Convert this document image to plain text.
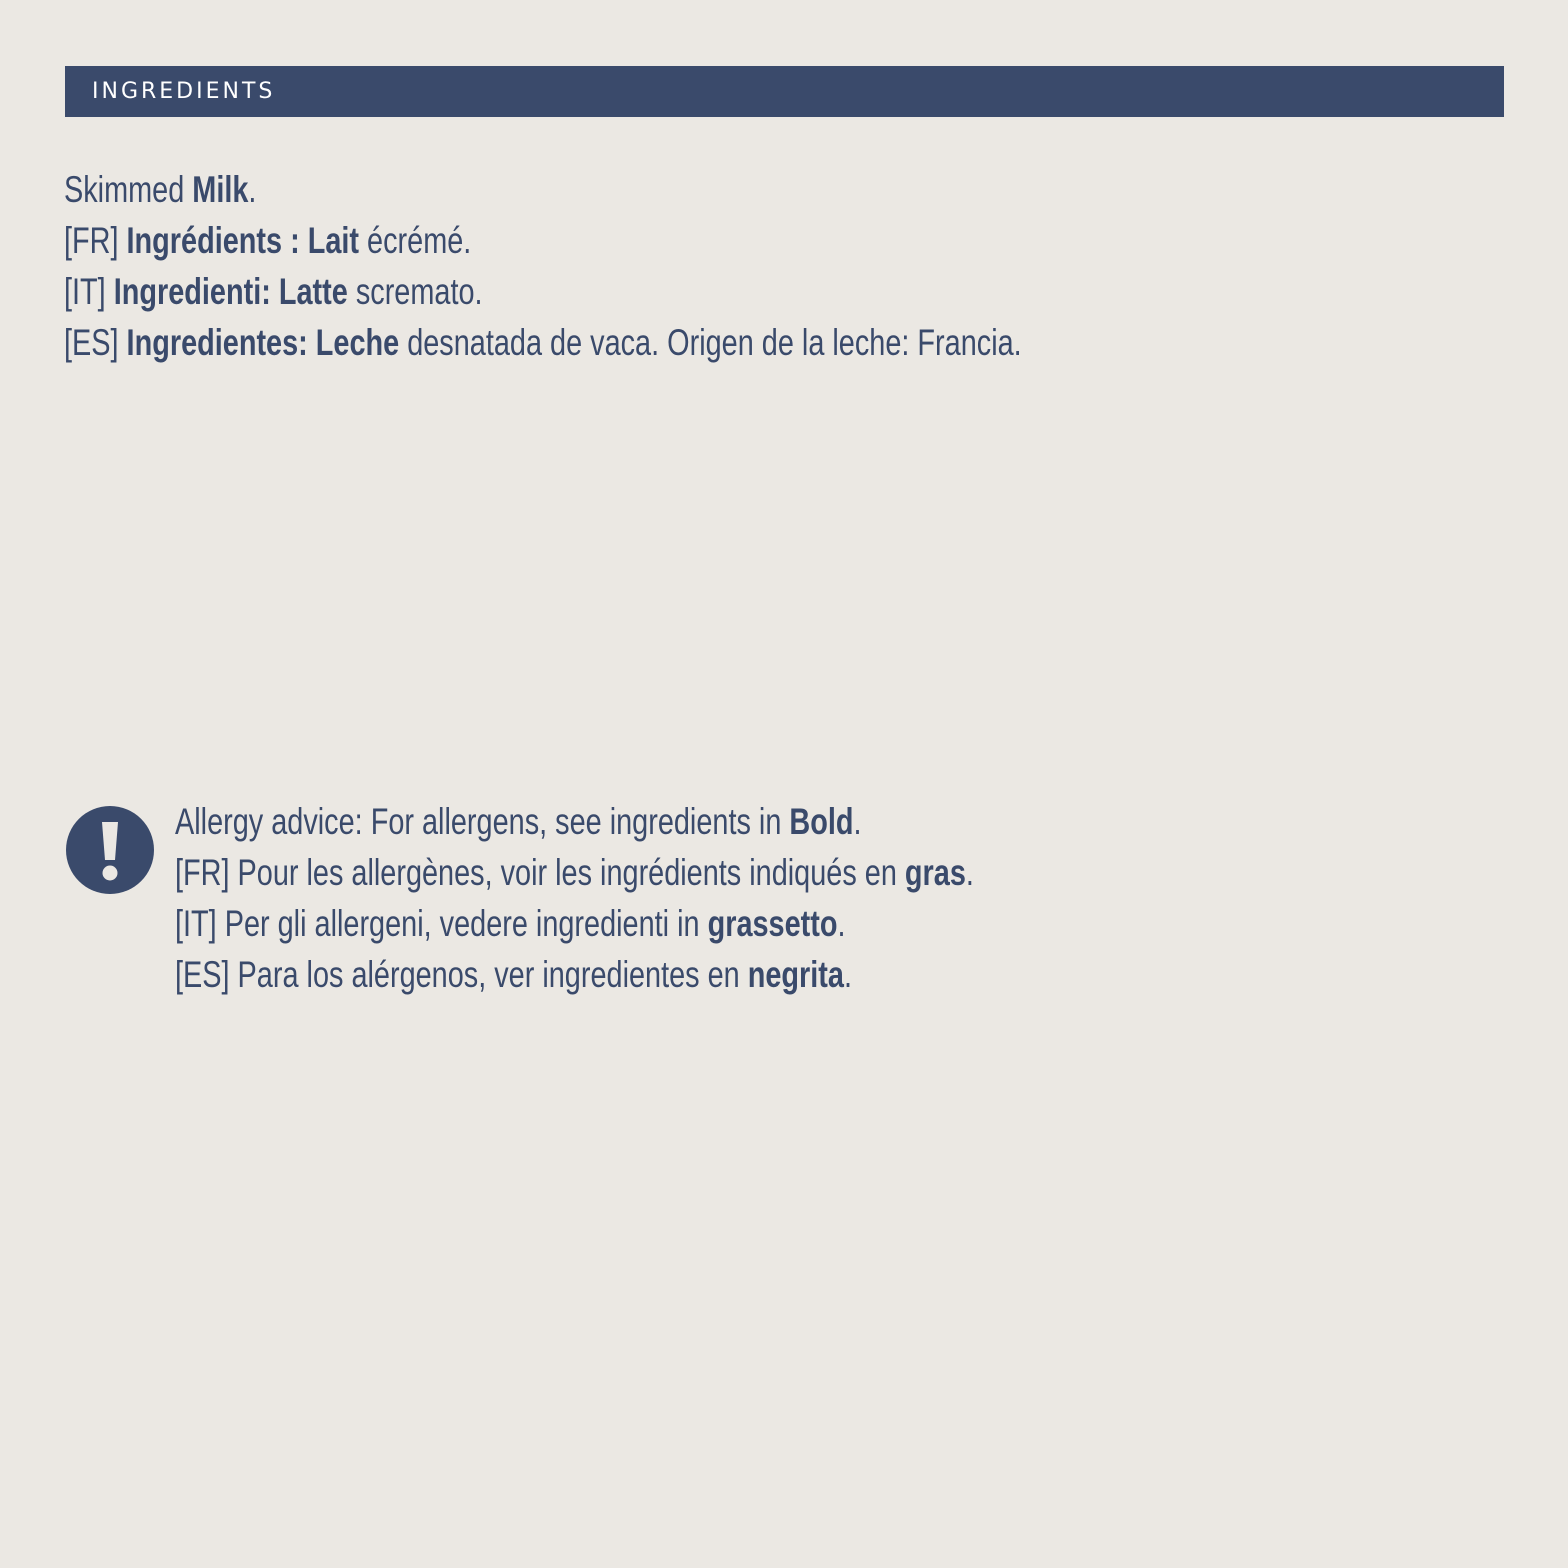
INGREDIENTS
Skimmed Milk.
[FR] Ingrédients : Lait écrémé.
[IT] Ingredienti: Latte scremato.
[ES] Ingredientes: Leche desnatada de vaca. Origen de la leche: Francia.
Allergy advice: For allergens, see ingredients in Bold.
[FR] Pour les allergènes, voir les ingrédients indiqués en gras.
[IT] Per gli allergeni, vedere ingredienti in grassetto.
[ES] Para los alérgenos, ver ingredientes en negrita.
